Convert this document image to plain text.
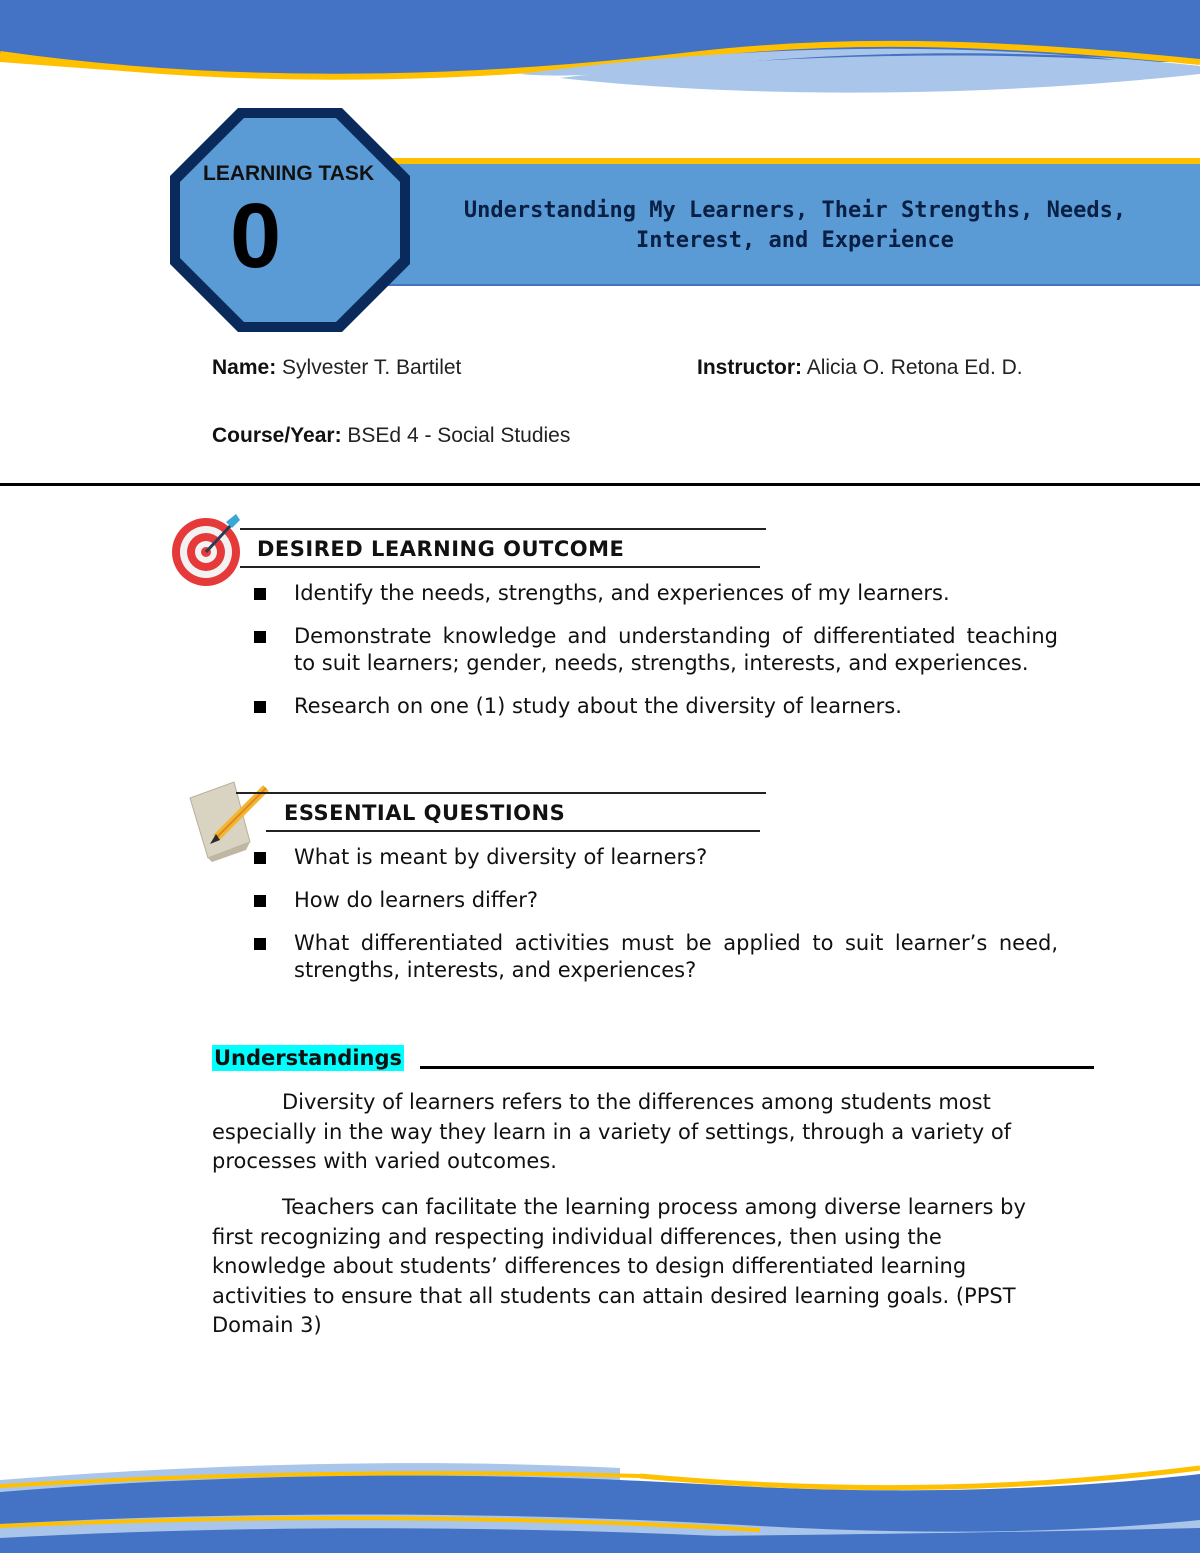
Understanding My Learners, Their Strengths, Needs, Interest, and Experience
LEARNING TASK
0
Name: Sylvester T. Bartilet	Instructor: Alicia O. Retona Ed. D.
Course/Year: BSEd 4 - Social Studies
DESIRED LEARNING OUTCOME
Identify the needs, strengths, and experiences of my learners.
Demonstrate knowledge and understanding of differentiated teaching to suit learners; gender, needs, strengths, interests, and experiences.
Research on one (1) study about the diversity of learners.
ESSENTIAL QUESTIONS
What is meant by diversity of learners?
How do learners differ?
What differentiated activities must be applied to suit learner’s need, strengths, interests, and experiences?
Understandings

Diversity of learners refers to the differences among students most especially in the way they learn in a variety of settings, through a variety of processes with varied outcomes.

Teachers can facilitate the learning process among diverse learners by first recognizing and respecting individual differences, then using the knowledge about students’ differences to design differentiated learning activities to ensure that all students can attain desired learning goals. (PPST Domain 3)
